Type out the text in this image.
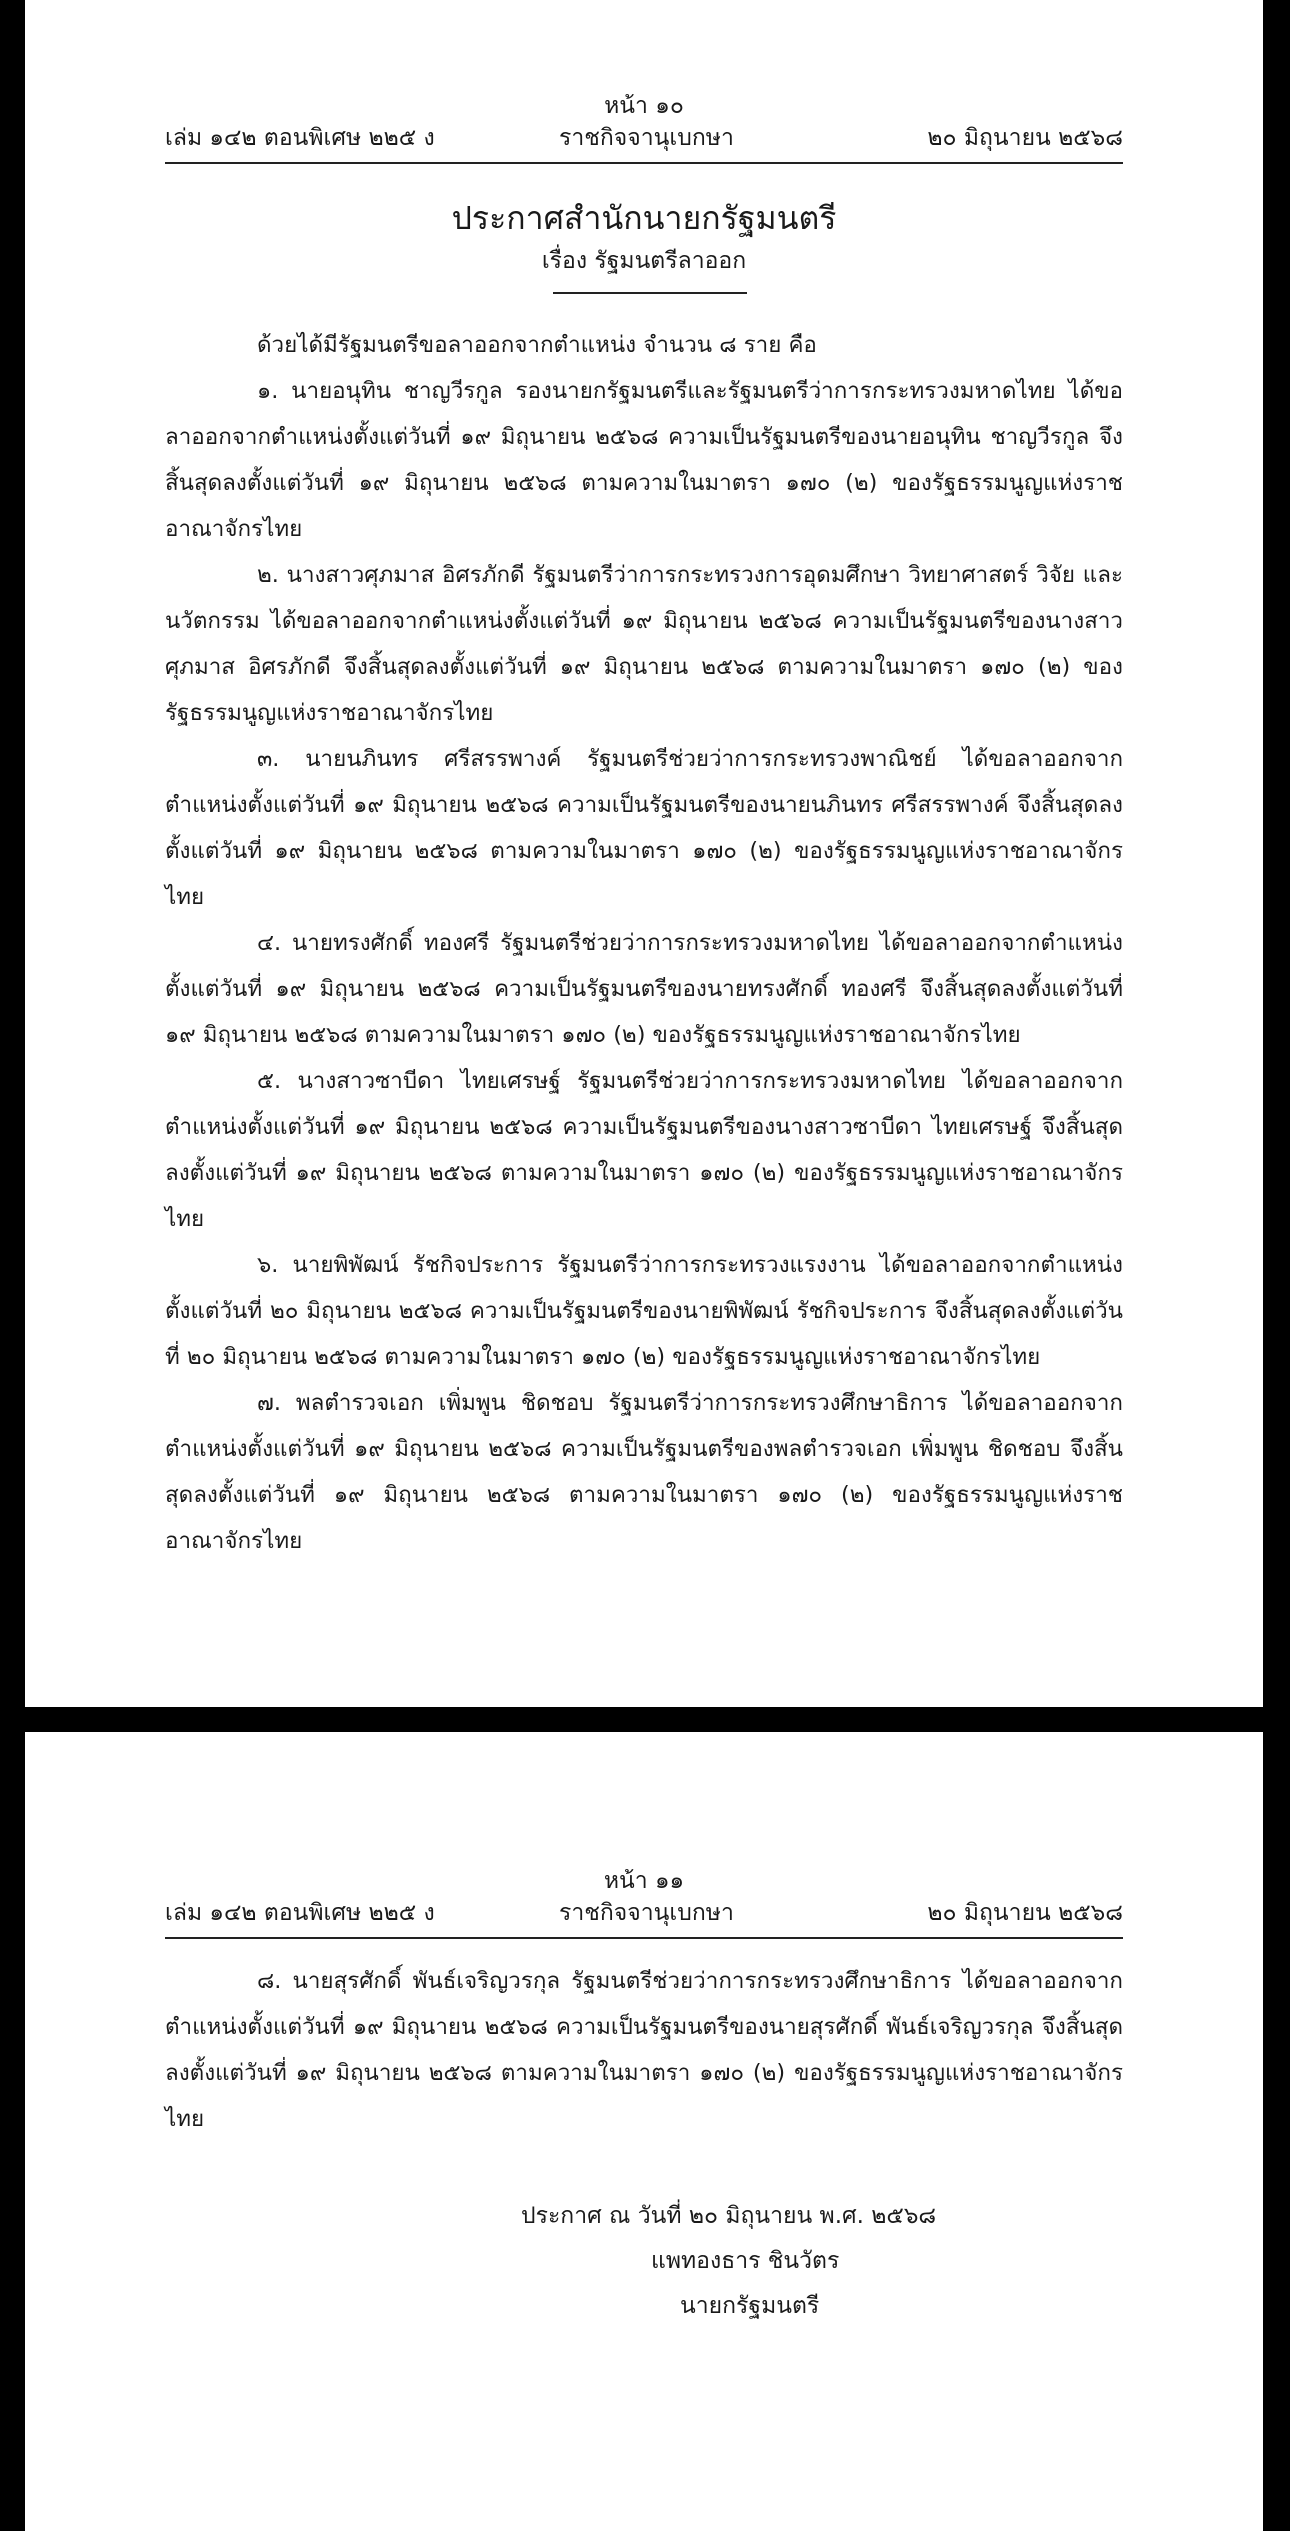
หน้า ๑๐
เล่ม ๑๔๒ ตอนพิเศษ ๒๒๕ ง	ราชกิจจานุเบกษา	๒๐ มิถุนายน ๒๕๖๘
ประกาศสำนักนายกรัฐมนตรี
เรื่อง รัฐมนตรีลาออก

ด้วยได้มีรัฐมนตรีขอลาออกจากตำแหน่ง จำนวน ๘ ราย คือ

๑. นายอนุทิน ชาญวีรกูล รองนายกรัฐมนตรีและรัฐมนตรีว่าการกระทรวงมหาดไทย ได้ขอลาออกจากตำแหน่งตั้งแต่วันที่ ๑๙ มิถุนายน ๒๕๖๘ ความเป็นรัฐมนตรีของนายอนุทิน ชาญวีรกูล จึงสิ้นสุดลงตั้งแต่วันที่ ๑๙ มิถุนายน ๒๕๖๘ ตามความในมาตรา ๑๗๐ (๒) ของรัฐธรรมนูญแห่งราชอาณาจักรไทย

๒. นางสาวศุภมาส อิศรภักดี รัฐมนตรีว่าการกระทรวงการอุดมศึกษา วิทยาศาสตร์ วิจัย และนวัตกรรม ได้ขอลาออกจากตำแหน่งตั้งแต่วันที่ ๑๙ มิถุนายน ๒๕๖๘ ความเป็นรัฐมนตรีของนางสาวศุภมาส อิศรภักดี จึงสิ้นสุดลงตั้งแต่วันที่ ๑๙ มิถุนายน ๒๕๖๘ ตามความในมาตรา ๑๗๐ (๒) ของรัฐธรรมนูญแห่งราชอาณาจักรไทย

๓. นายนภินทร ศรีสรรพางค์ รัฐมนตรีช่วยว่าการกระทรวงพาณิชย์ ได้ขอลาออกจากตำแหน่งตั้งแต่วันที่ ๑๙ มิถุนายน ๒๕๖๘ ความเป็นรัฐมนตรีของนายนภินทร ศรีสรรพางค์ จึงสิ้นสุดลงตั้งแต่วันที่ ๑๙ มิถุนายน ๒๕๖๘ ตามความในมาตรา ๑๗๐ (๒) ของรัฐธรรมนูญแห่งราชอาณาจักรไทย

๔. นายทรงศักดิ์ ทองศรี รัฐมนตรีช่วยว่าการกระทรวงมหาดไทย ได้ขอลาออกจากตำแหน่งตั้งแต่วันที่ ๑๙ มิถุนายน ๒๕๖๘ ความเป็นรัฐมนตรีของนายทรงศักดิ์ ทองศรี จึงสิ้นสุดลงตั้งแต่วันที่ ๑๙ มิถุนายน ๒๕๖๘ ตามความในมาตรา ๑๗๐ (๒) ของรัฐธรรมนูญแห่งราชอาณาจักรไทย

๕. นางสาวซาบีดา ไทยเศรษฐ์ รัฐมนตรีช่วยว่าการกระทรวงมหาดไทย ได้ขอลาออกจากตำแหน่งตั้งแต่วันที่ ๑๙ มิถุนายน ๒๕๖๘ ความเป็นรัฐมนตรีของนางสาวซาบีดา ไทยเศรษฐ์ จึงสิ้นสุดลงตั้งแต่วันที่ ๑๙ มิถุนายน ๒๕๖๘ ตามความในมาตรา ๑๗๐ (๒) ของรัฐธรรมนูญแห่งราชอาณาจักรไทย

๖. นายพิพัฒน์ รัชกิจประการ รัฐมนตรีว่าการกระทรวงแรงงาน ได้ขอลาออกจากตำแหน่งตั้งแต่วันที่ ๒๐ มิถุนายน ๒๕๖๘ ความเป็นรัฐมนตรีของนายพิพัฒน์ รัชกิจประการ จึงสิ้นสุดลงตั้งแต่วันที่ ๒๐ มิถุนายน ๒๕๖๘ ตามความในมาตรา ๑๗๐ (๒) ของรัฐธรรมนูญแห่งราชอาณาจักรไทย

๗. พลตำรวจเอก เพิ่มพูน ชิดชอบ รัฐมนตรีว่าการกระทรวงศึกษาธิการ ได้ขอลาออกจากตำแหน่งตั้งแต่วันที่ ๑๙ มิถุนายน ๒๕๖๘ ความเป็นรัฐมนตรีของพลตำรวจเอก เพิ่มพูน ชิดชอบ จึงสิ้นสุดลงตั้งแต่วันที่ ๑๙ มิถุนายน ๒๕๖๘ ตามความในมาตรา ๑๗๐ (๒) ของรัฐธรรมนูญแห่งราชอาณาจักรไทย

หน้า ๑๑
เล่ม ๑๔๒ ตอนพิเศษ ๒๒๕ ง	ราชกิจจานุเบกษา	๒๐ มิถุนายน ๒๕๖๘

๘. นายสุรศักดิ์ พันธ์เจริญวรกุล รัฐมนตรีช่วยว่าการกระทรวงศึกษาธิการ ได้ขอลาออกจากตำแหน่งตั้งแต่วันที่ ๑๙ มิถุนายน ๒๕๖๘ ความเป็นรัฐมนตรีของนายสุรศักดิ์ พันธ์เจริญวรกุล จึงสิ้นสุดลงตั้งแต่วันที่ ๑๙ มิถุนายน ๒๕๖๘ ตามความในมาตรา ๑๗๐ (๒) ของรัฐธรรมนูญแห่งราชอาณาจักรไทย

ประกาศ ณ วันที่ ๒๐ มิถุนายน พ.ศ. ๒๕๖๘
แพทองธาร ชินวัตร
นายกรัฐมนตรี
